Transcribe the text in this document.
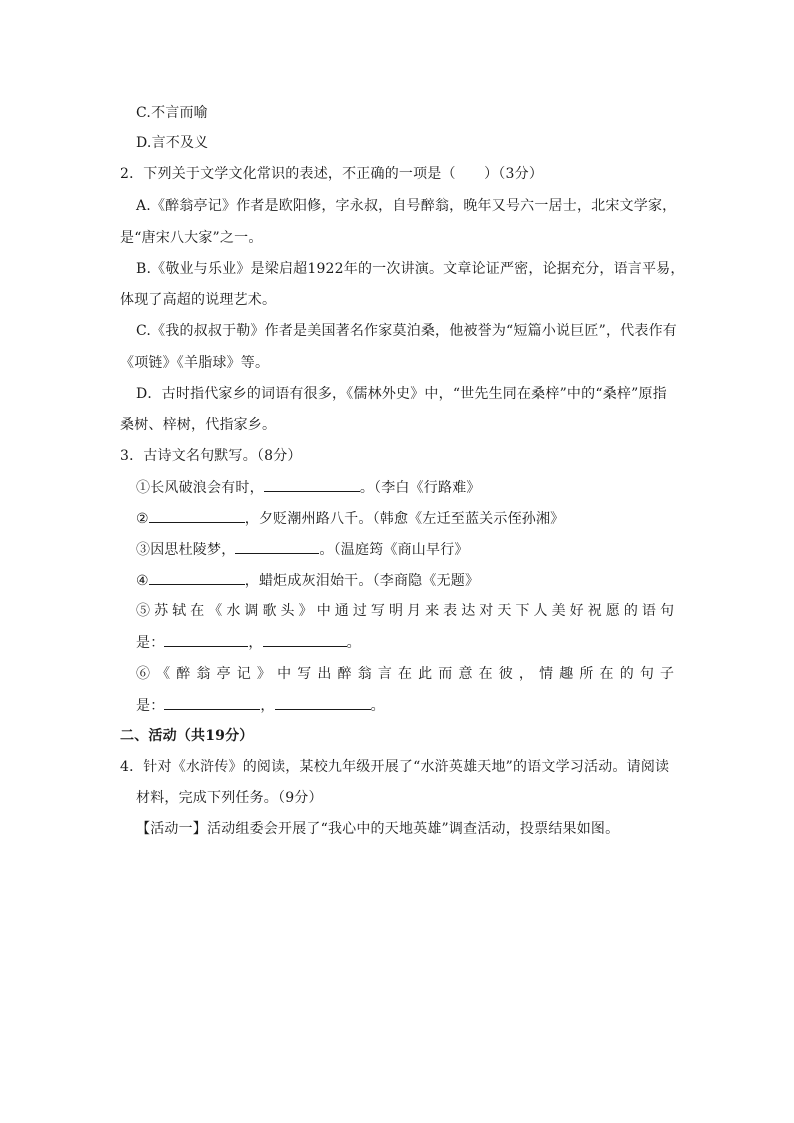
C.不言而喻
D.言不及义
2．下列关于文学文化常识的表述，不正确的一项是（　　）（3分）
A.《醉翁亭记》作者是欧阳修，字永叔，自号醉翁，晚年又号六一居士，北宋文学家，
是“唐宋八大家”之一。
B.《敬业与乐业》是梁启超1922年的一次讲演。文章论证严密，论据充分，语言平易，
体现了高超的说理艺术。
C.《我的叔叔于勒》作者是美国著名作家莫泊桑，他被誉为“短篇小说巨匠”，代表作有
《项链》《羊脂球》等。
D．古时指代家乡的词语有很多，《儒林外史》中，“世先生同在桑梓”中的“桑梓”原指
桑树、梓树，代指家乡。
3．古诗文名句默写。（8分）
①长风破浪会有时，	。（李白《行路难》
②	，夕贬潮州路八千。（韩愈《左迁至蓝关示侄孙湘》
③因思杜陵梦，	。（温庭筠《商山早行》
④	，蜡炬成灰泪始干。（李商隐《无题》
⑤苏轼在《水调歌头》中通过写明月来表达对天下人美好祝愿的语句
是：	，	。
⑥《醉翁亭记》中写出醉翁言在此而意在彼，情趣所在的句子
是：	，	。
二、活动（共19分）
4．针对《水浒传》的阅读，某校九年级开展了“水浒英雄天地”的语文学习活动。请阅读
材料，完成下列任务。（9分）
【活动一】活动组委会开展了“我心中的天地英雄”调查活动，投票结果如图。
